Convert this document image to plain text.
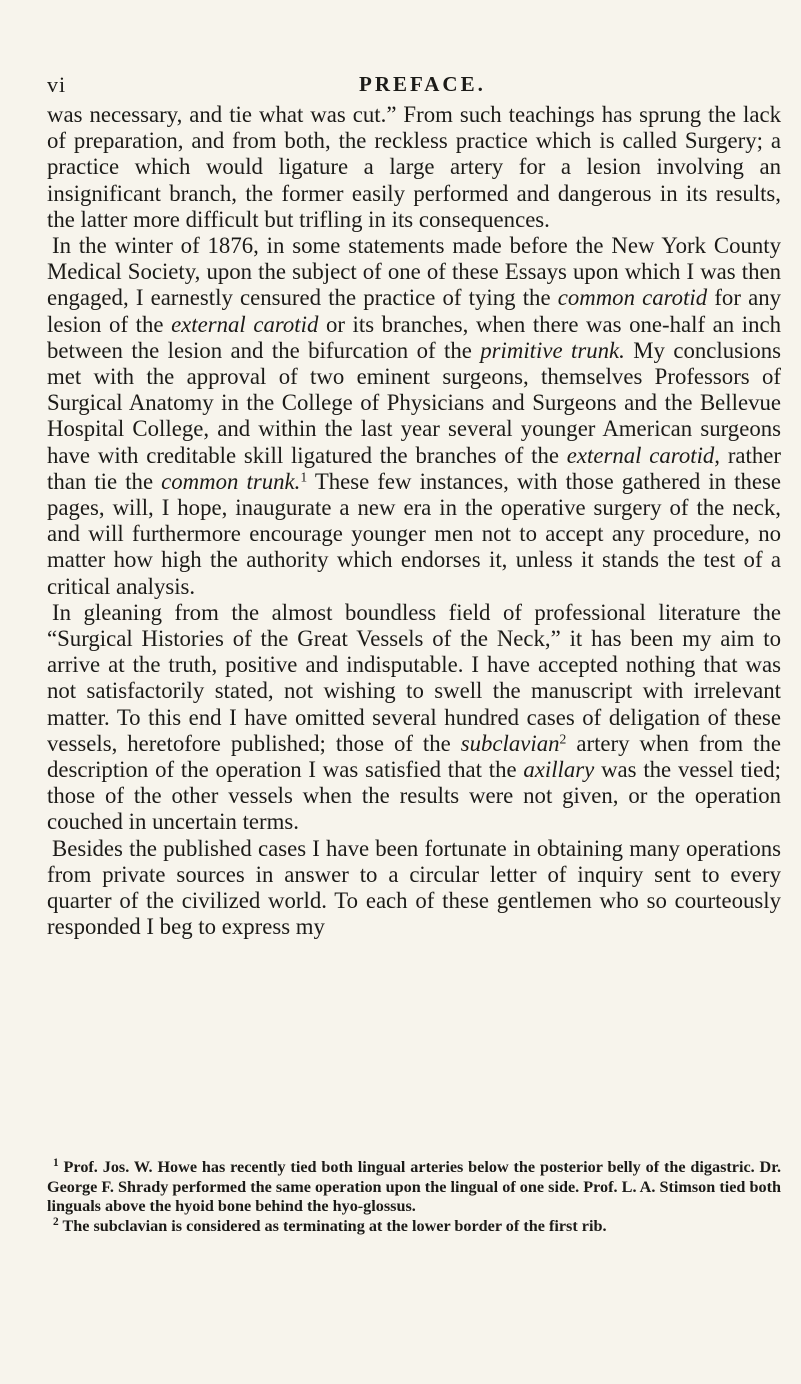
vi	PREFACE.

was necessary, and tie what was cut.” From such teachings has sprung the lack of preparation, and from both, the reckless practice which is called Surgery; a practice which would ligature a large artery for a lesion involving an insignificant branch, the former easily performed and dangerous in its results, the latter more difficult but trifling in its consequences.

In the winter of 1876, in some statements made before the New York County Medical Society, upon the subject of one of these Essays upon which I was then engaged, I earnestly censured the practice of tying the common carotid for any lesion of the external carotid or its branches, when there was one-half an inch between the lesion and the bifurcation of the primitive trunk. My conclusions met with the approval of two eminent surgeons, themselves Professors of Surgical Anatomy in the College of Physicians and Surgeons and the Bellevue Hospital College, and within the last year several younger American surgeons have with creditable skill ligatured the branches of the external carotid, rather than tie the common trunk.$^1$ These few instances, with those gathered in these pages, will, I hope, inaugurate a new era in the operative surgery of the neck, and will furthermore encourage younger men not to accept any procedure, no matter how high the authority which endorses it, unless it stands the test of a critical analysis.

In gleaning from the almost boundless field of professional literature the “Surgical Histories of the Great Vessels of the Neck,” it has been my aim to arrive at the truth, positive and indisputable. I have accepted nothing that was not satisfactorily stated, not wishing to swell the manuscript with irrelevant matter. To this end I have omitted several hundred cases of deligation of these vessels, heretofore published; those of the subclavian$^2$ artery when from the description of the operation I was satisfied that the axillary was the vessel tied; those of the other vessels when the results were not given, or the operation couched in uncertain terms.

Besides the published cases I have been fortunate in obtaining many operations from private sources in answer to a circular letter of inquiry sent to every quarter of the civilized world. To each of these gentlemen who so courteously responded I beg to express my

$^1$ Prof. Jos. W. Howe has recently tied both lingual arteries below the posterior belly of the digastric. Dr. George F. Shrady performed the same operation upon the lingual of one side. Prof. L. A. Stimson tied both linguals above the hyoid bone behind the hyo-glossus.

$^2$ The subclavian is considered as terminating at the lower border of the first rib.
